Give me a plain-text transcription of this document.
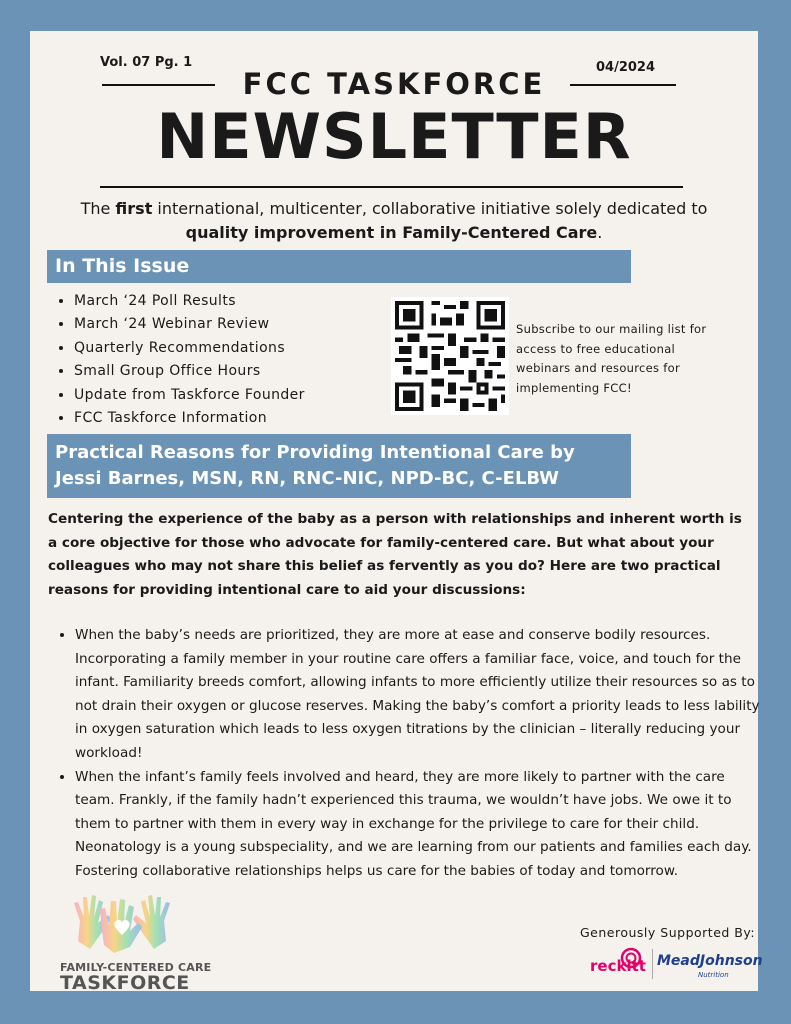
Vol. 07 Pg. 1	04/2024
FCC TASKFORCE
NEWSLETTER
The first international, multicenter, collaborative initiative solely dedicated to quality improvement in Family-Centered Care.
In This Issue
• March ‘24 Poll Results
• March ‘24 Webinar Review
• Quarterly Recommendations
• Small Group Office Hours
• Update from Taskforce Founder
• FCC Taskforce Information
Subscribe to our mailing list for access to free educational webinars and resources for implementing FCC!
Practical Reasons for Providing Intentional Care by
Jessi Barnes, MSN, RN, RNC-NIC, NPD-BC, C-ELBW
Centering the experience of the baby as a person with relationships and inherent worth is a core objective for those who advocate for family-centered care. But what about your colleagues who may not share this belief as fervently as you do? Here are two practical reasons for providing intentional care to aid your discussions:
• When the baby’s needs are prioritized, they are more at ease and conserve bodily resources. Incorporating a family member in your routine care offers a familiar face, voice, and touch for the infant. Familiarity breeds comfort, allowing infants to more efficiently utilize their resources so as to not drain their oxygen or glucose reserves. Making the baby’s comfort a priority leads to less lability in oxygen saturation which leads to less oxygen titrations by the clinician – literally reducing your workload!
• When the infant’s family feels involved and heard, they are more likely to partner with the care team. Frankly, if the family hadn’t experienced this trauma, we wouldn’t have jobs. We owe it to them to partner with them in every way in exchange for the privilege to care for their child. Neonatology is a young subspeciality, and we are learning from our patients and families each day. Fostering collaborative relationships helps us care for the babies of today and tomorrow.
FAMILY-CENTERED CARE
TASKFORCE
Generously Supported By:
reckitt MeadJohnson
Nutrition
